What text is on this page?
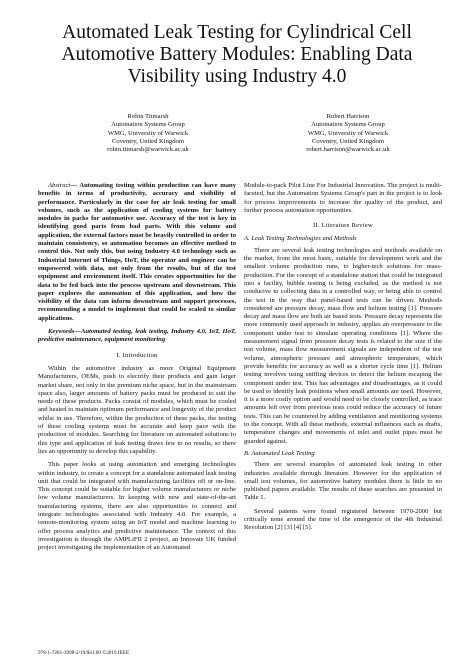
Automated Leak Testing for Cylindrical Cell
Automotive Battery Modules: Enabling Data
Visibility using Industry 4.0
Rohin Titmarsh
Automation Systems Group
WMG, University of Warwick
Coventry, United Kingdom
rohin.titmarsh@warwick.ac.uk
Robert Harrison
Automation Systems Group
WMG, University of Warwick
Coventry, United Kingdom
robert.harrison@warwick.ac.uk

Abstract— Automating testing within production can have many benefits in terms of productivity, accuracy and visibility of performance. Particularly in the case for air leak testing for small volumes, such as the application of cooling systems for battery modules in packs for automotive use. Accuracy of the test is key in identifying good parts from bad parts. With this volume and application, the external factors must be heavily controlled in order to maintain consistency, so automation becomes an effective method to control this. Not only this, but using Industry 4.0 technology such as Industrial Internet of Things, IIoT, the operator and engineer can be empowered with data, not only from the results, but of the test equipment and environment itself. This creates opportunities for the data to be fed back into the process upstream and downstream. This paper explores the automation of this application, and how the visibility of the data can inform downstream and support processes, recommending a model to implement that could be scaled to similar applications.

Keywords—Automated testing, leak testing, Industry 4.0, IoT, IIoT, predictive maintenance, equipment monitoring

I. Introduction

Within the automotive industry as more Original Equipment Manufacturers, OEMs, push to electrify their products and gain larger market share, not only in the premium niche space, but in the mainstream space also, larger amounts of battery packs must be produced to suit the needs of these products. Packs consist of modules, which must be cooled and heated to maintain optimum performance and longevity of the product whilst in use. Therefore, within the production of these packs, the testing of these cooling systems must be accurate and keep pace with the production of modules. Searching for literature on automated solutions to this type and application of leak testing draws few to no results, so there lies an opportunity to develop this capability.

This paper looks at using automation and emerging technologies within industry, to create a concept for a standalone automated leak testing unit that could be integrated with manufacturing facilities off or on-line. This concept could be suitable for higher volume manufacturers or niche low volume manufacturers. In keeping with new and state-of-the-art manufacturing systems, there are also opportunities to connect and integrate technologies associated with Industry 4.0. For example, a remote-monitoring system using an IoT model and machine learning to offer process analytics and predictive maintenance. The context of this investigation is through the AMPLiFII 2 project, an Innovate UK funded project investigating the implementation of an Automated

Module-to-pack Pilot Line For Industrial Innovation. The project is multi-faceted, but the Automation Systems Group's part in the project is to look for process improvements to increase the quality of the product, and further process automation opportunities.

II. Literature Review
A. Leak Testing Technologies and Methods

There are several leak testing technologies and methods available on the market, from the most basic, suitable for development work and the smallest volume production runs, to higher-tech solutions for mass-production. For the concept of a standalone station that could be integrated into a facility, bubble testing is being excluded, as the method is not conducive to collecting data in a controlled way, or being able to control the test in the way that panel-based tests can be driven. Methods considered are pressure decay, mass flow and helium testing [1]. Pressure decay and mass flow are both air based tests. Pressure decay represents the more commonly used approach in industry, applies an overpressure to the component under test to simulate operating conditions [1]. Where the measurement signal from pressure decay tests is related to the size if the test volume, mass flow measurement signals are independent of the test volume, atmospheric pressure and atmospheric temperature, which provide benefits for accuracy as well as a shorter cycle time [1]. Helium testing involves using sniffing devices to detect the helium escaping the component under test. This has advantages and disadvantages, as it could be used to identify leak positions when small amounts are used. However, it is a more costly option and would need to be closely controlled, as trace amounts left over from previous tests could reduce the accuracy of future tests. This can be countered by adding ventilation and monitoring systems to the concept. With all these methods, external influences such as drafts, temperature changes and movements of inlet and outlet pipes must be guarded against.

B. Automated Leak Testing

There are several examples of automated leak testing in other industries available through literature. However for the application of small test volumes, for automotive battery modules there is little to no published papers available. The results of these searches are presented in Table 1.

Several patents were found registered between 1970-2000 but critically none around the time of the emergence of the 4th Industrial Revolution [2] [3] [4] [5].

978-1-7281-3998-2/19/$31.00 ©2019 IEEE
